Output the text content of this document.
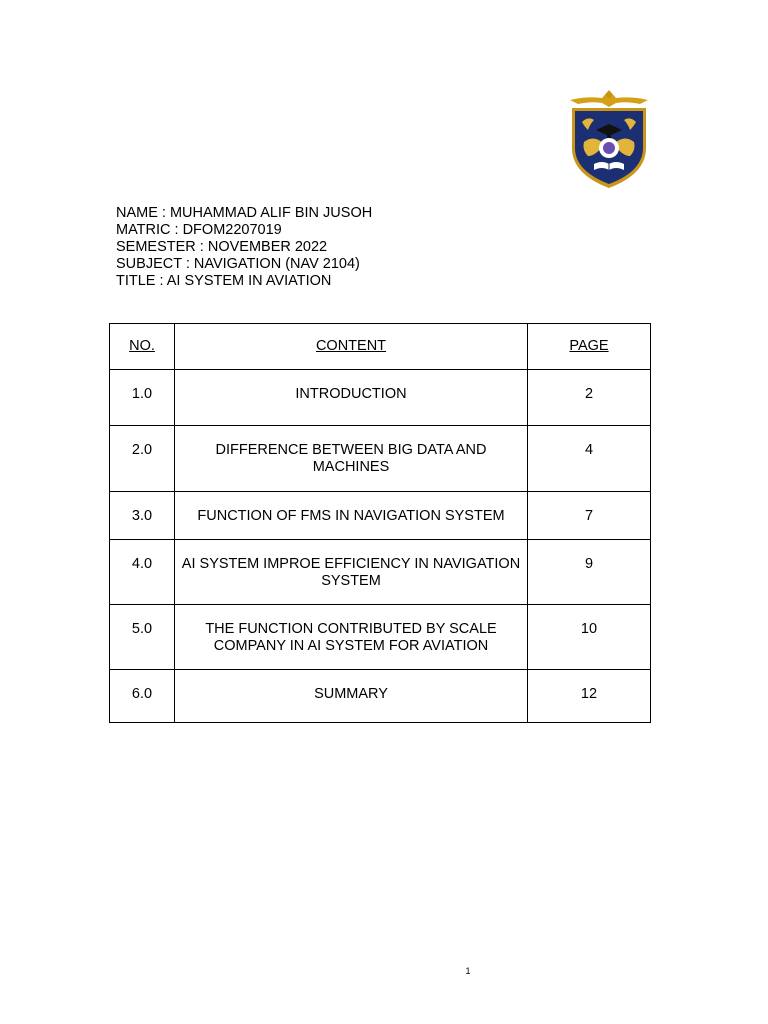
NAME : MUHAMMAD ALIF BIN JUSOH
MATRIC : DFOM2207019
SEMESTER : NOVEMBER 2022
SUBJECT : NAVIGATION (NAV 2104)
TITLE : AI SYSTEM IN AVIATION
NO.	CONTENT	PAGE
1.0	INTRODUCTION	2
2.0	DIFFERENCE BETWEEN BIG DATA AND MACHINES	4
3.0	FUNCTION OF FMS IN NAVIGATION SYSTEM	7
4.0	AI SYSTEM IMPROE EFFICIENCY IN NAVIGATION SYSTEM	9
5.0	THE FUNCTION CONTRIBUTED BY SCALE COMPANY IN AI SYSTEM FOR AVIATION	10
6.0	SUMMARY	12
1
